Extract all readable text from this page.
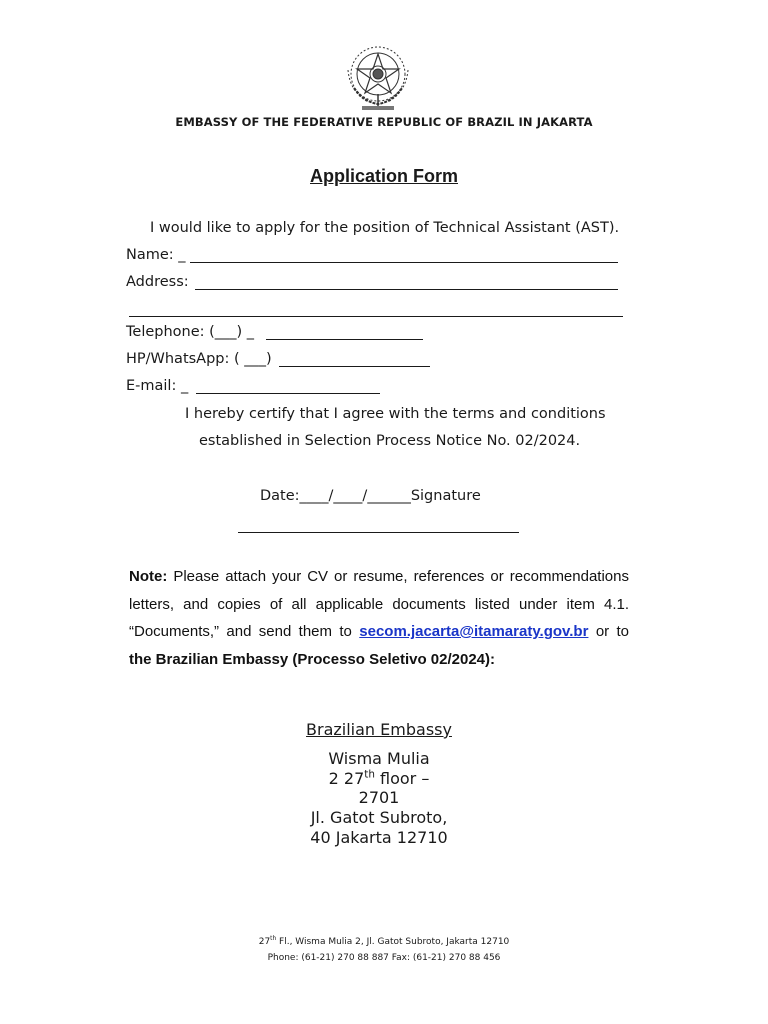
EMBASSY OF THE FEDERATIVE REPUBLIC OF BRAZIL IN JAKARTA
Application Form
I would like to apply for the position of Technical Assistant (AST).
Name: _
Address:
Telephone: (___) _
HP/WhatsApp: ( ___)
E-mail: _
I hereby certify that I agree with the terms and conditions
established in Selection Process Notice No. 02/2024.
Date:____/____/______Signature
Note: Please attach your CV or resume, references or recommendations letters, and copies of all applicable documents listed under item 4.1. “Documents,” and send them to secom.jacarta@itamaraty.gov.br or to the Brazilian Embassy (Processo Seletivo 02/2024):
Brazilian Embassy
Wisma Mulia
2 27th floor –
2701
Jl. Gatot Subroto,
40 Jakarta 12710
27th Fl., Wisma Mulia 2, Jl. Gatot Subroto, Jakarta 12710
Phone: (61-21) 270 88 887 Fax: (61-21) 270 88 456
